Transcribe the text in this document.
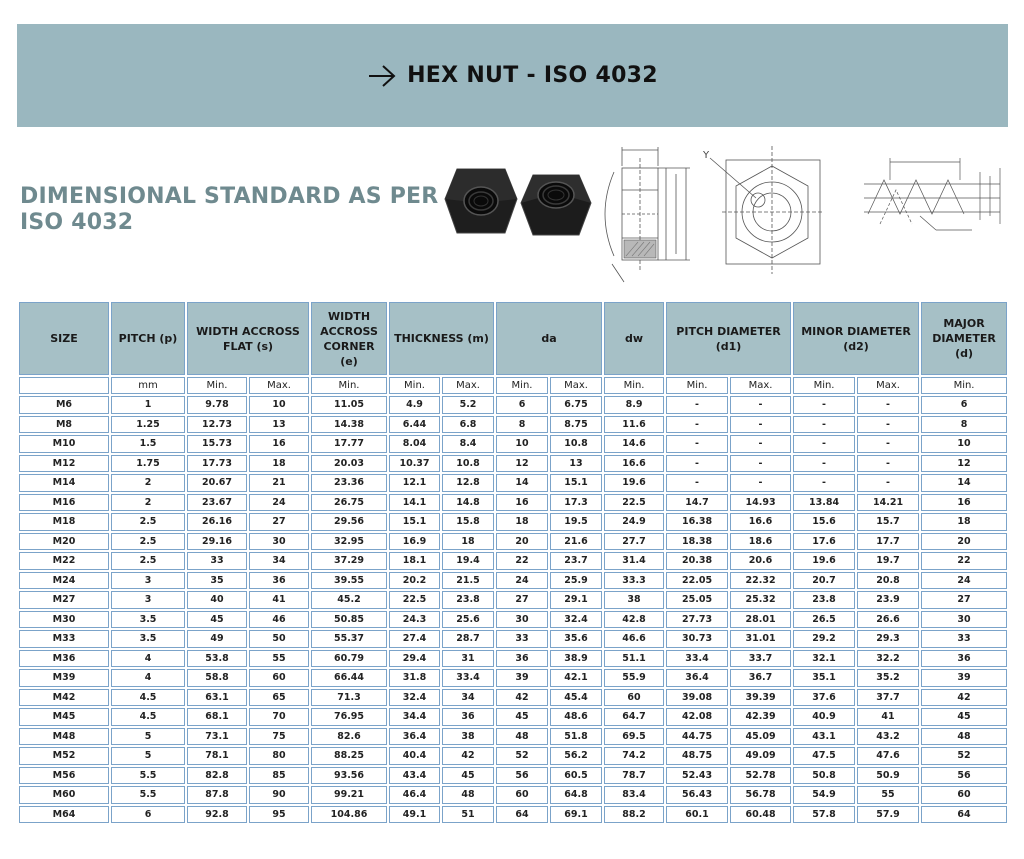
HEX NUT - ISO 4032
DIMENSIONAL STANDARD AS PER
ISO 4032
Y
SIZE	PITCH (p)	WIDTH ACCROSS FLAT (s)		WIDTH ACCROSS CORNER (e)	THICKNESS (m)		da		dw	PITCH DIAMETER (d1)		MINOR DIAMETER (d2)		MAJOR DIAMETER (d)
	mm	Min.	Max.	Min.	Min.	Max.	Min.	Max.	Min.	Min.	Max.	Min.	Max.	Min.
M6	1	9.78	10	11.05	4.9	5.2	6	6.75	8.9	-	-	-	-	6
M8	1.25	12.73	13	14.38	6.44	6.8	8	8.75	11.6	-	-	-	-	8
M10	1.5	15.73	16	17.77	8.04	8.4	10	10.8	14.6	-	-	-	-	10
M12	1.75	17.73	18	20.03	10.37	10.8	12	13	16.6	-	-	-	-	12
M14	2	20.67	21	23.36	12.1	12.8	14	15.1	19.6	-	-	-	-	14
M16	2	23.67	24	26.75	14.1	14.8	16	17.3	22.5	14.7	14.93	13.84	14.21	16
M18	2.5	26.16	27	29.56	15.1	15.8	18	19.5	24.9	16.38	16.6	15.6	15.7	18
M20	2.5	29.16	30	32.95	16.9	18	20	21.6	27.7	18.38	18.6	17.6	17.7	20
M22	2.5	33	34	37.29	18.1	19.4	22	23.7	31.4	20.38	20.6	19.6	19.7	22
M24	3	35	36	39.55	20.2	21.5	24	25.9	33.3	22.05	22.32	20.7	20.8	24
M27	3	40	41	45.2	22.5	23.8	27	29.1	38	25.05	25.32	23.8	23.9	27
M30	3.5	45	46	50.85	24.3	25.6	30	32.4	42.8	27.73	28.01	26.5	26.6	30
M33	3.5	49	50	55.37	27.4	28.7	33	35.6	46.6	30.73	31.01	29.2	29.3	33
M36	4	53.8	55	60.79	29.4	31	36	38.9	51.1	33.4	33.7	32.1	32.2	36
M39	4	58.8	60	66.44	31.8	33.4	39	42.1	55.9	36.4	36.7	35.1	35.2	39
M42	4.5	63.1	65	71.3	32.4	34	42	45.4	60	39.08	39.39	37.6	37.7	42
M45	4.5	68.1	70	76.95	34.4	36	45	48.6	64.7	42.08	42.39	40.9	41	45
M48	5	73.1	75	82.6	36.4	38	48	51.8	69.5	44.75	45.09	43.1	43.2	48
M52	5	78.1	80	88.25	40.4	42	52	56.2	74.2	48.75	49.09	47.5	47.6	52
M56	5.5	82.8	85	93.56	43.4	45	56	60.5	78.7	52.43	52.78	50.8	50.9	56
M60	5.5	87.8	90	99.21	46.4	48	60	64.8	83.4	56.43	56.78	54.9	55	60
M64	6	92.8	95	104.86	49.1	51	64	69.1	88.2	60.1	60.48	57.8	57.9	64
